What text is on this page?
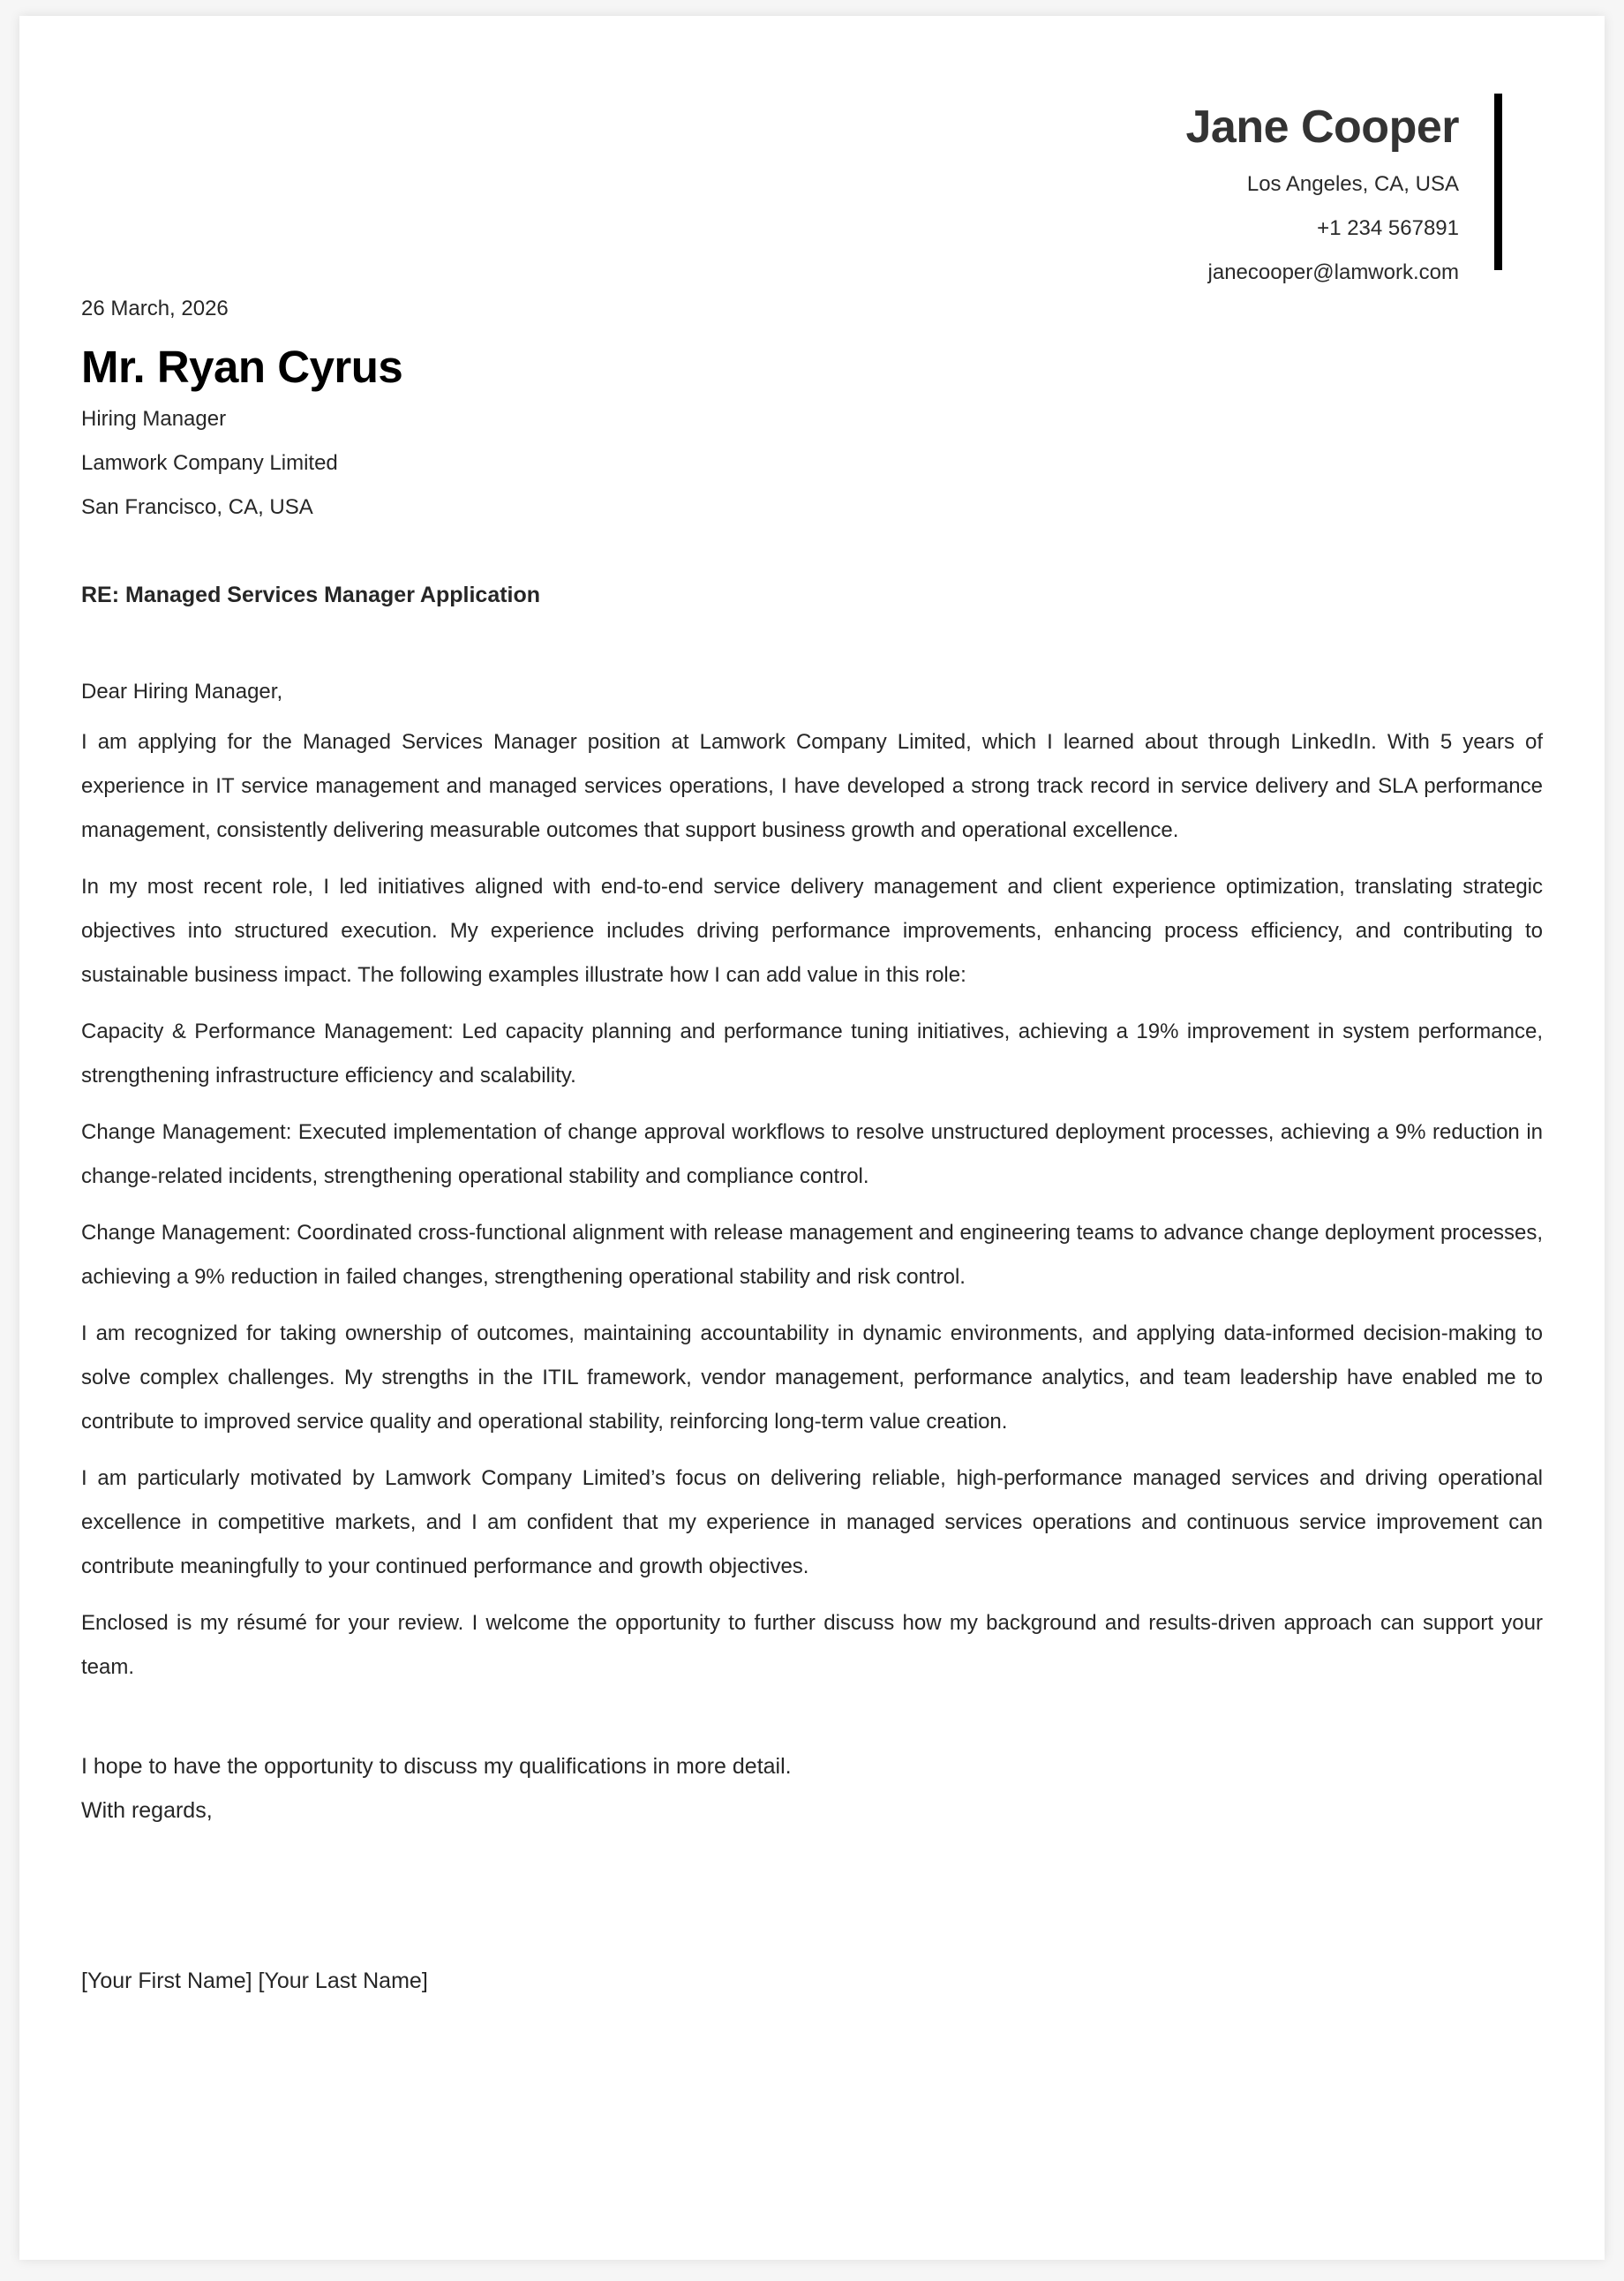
Jane Cooper
Los Angeles, CA, USA
+1 234 567891
janecooper@lamwork.com
26 March, 2026
Mr. Ryan Cyrus
Hiring Manager
Lamwork Company Limited
San Francisco, CA, USA
RE: Managed Services Manager Application
Dear Hiring Manager,

I am applying for the Managed Services Manager position at Lamwork Company Limited, which I learned about through LinkedIn. With 5 years of experience in IT service management and managed services operations, I have developed a strong track record in service delivery and SLA performance management, consistently delivering measurable outcomes that support business growth and operational excellence.

In my most recent role, I led initiatives aligned with end-to-end service delivery management and client experience optimization, translating strategic objectives into structured execution. My experience includes driving performance improvements, enhancing process efficiency, and contributing to sustainable business impact. The following examples illustrate how I can add value in this role:

Capacity & Performance Management: Led capacity planning and performance tuning initiatives, achieving a 19% improvement in system performance, strengthening infrastructure efficiency and scalability.

Change Management: Executed implementation of change approval workflows to resolve unstructured deployment processes, achieving a 9% reduction in change-related incidents, strengthening operational stability and compliance control.

Change Management: Coordinated cross-functional alignment with release management and engineering teams to advance change deployment processes, achieving a 9% reduction in failed changes, strengthening operational stability and risk control.

I am recognized for taking ownership of outcomes, maintaining accountability in dynamic environments, and applying data-informed decision-making to solve complex challenges. My strengths in the ITIL framework, vendor management, performance analytics, and team leadership have enabled me to contribute to improved service quality and operational stability, reinforcing long-term value creation.

I am particularly motivated by Lamwork Company Limited’s focus on delivering reliable, high-performance managed services and driving operational excellence in competitive markets, and I am confident that my experience in managed services operations and continuous service improvement can contribute meaningfully to your continued performance and growth objectives.

Enclosed is my résumé for your review. I welcome the opportunity to further discuss how my background and results-driven approach can support your team.

I hope to have the opportunity to discuss my qualifications in more detail.
With regards,
[Your First Name] [Your Last Name]
